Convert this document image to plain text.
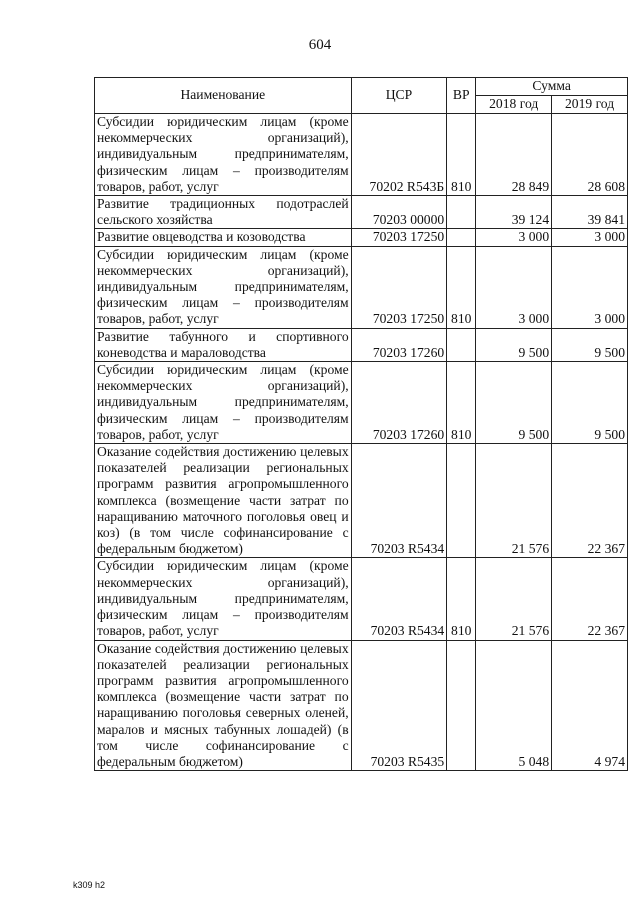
604
Наименование	ЦСР	ВР	Сумма	
			2018 год	2019 год
Субсидии юридическим лицам (кроме некоммерческих организаций), индивидуальным предпринимателям, физическим лицам – производителям товаров, работ, услуг	70202 R543Б	810	28 849	28 608
Развитие традиционных подотраслей сельского хозяйства	70203 00000		39 124	39 841
Развитие овцеводства и козоводства	70203 17250		3 000	3 000
Субсидии юридическим лицам (кроме некоммерческих организаций), индивидуальным предпринимателям, физическим лицам – производителям товаров, работ, услуг	70203 17250	810	3 000	3 000
Развитие табунного и спортивного коневодства и мараловодства	70203 17260		9 500	9 500
Субсидии юридическим лицам (кроме некоммерческих организаций), индивидуальным предпринимателям, физическим лицам – производителям товаров, работ, услуг	70203 17260	810	9 500	9 500
Оказание содействия достижению целевых показателей реализации региональных программ развития агропромышленного комплекса (возмещение части затрат по наращиванию маточного поголовья овец и коз) (в том числе софинансирование с федеральным бюджетом)	70203 R5434		21 576	22 367
Субсидии юридическим лицам (кроме некоммерческих организаций), индивидуальным предпринимателям, физическим лицам – производителям товаров, работ, услуг	70203 R5434	810	21 576	22 367
Оказание содействия достижению целевых показателей реализации региональных программ развития агропромышленного комплекса (возмещение части затрат по наращиванию поголовья северных оленей, маралов и мясных табунных лошадей) (в том числе софинансирование с федеральным бюджетом)	70203 R5435		5 048	4 974
k309 h2
